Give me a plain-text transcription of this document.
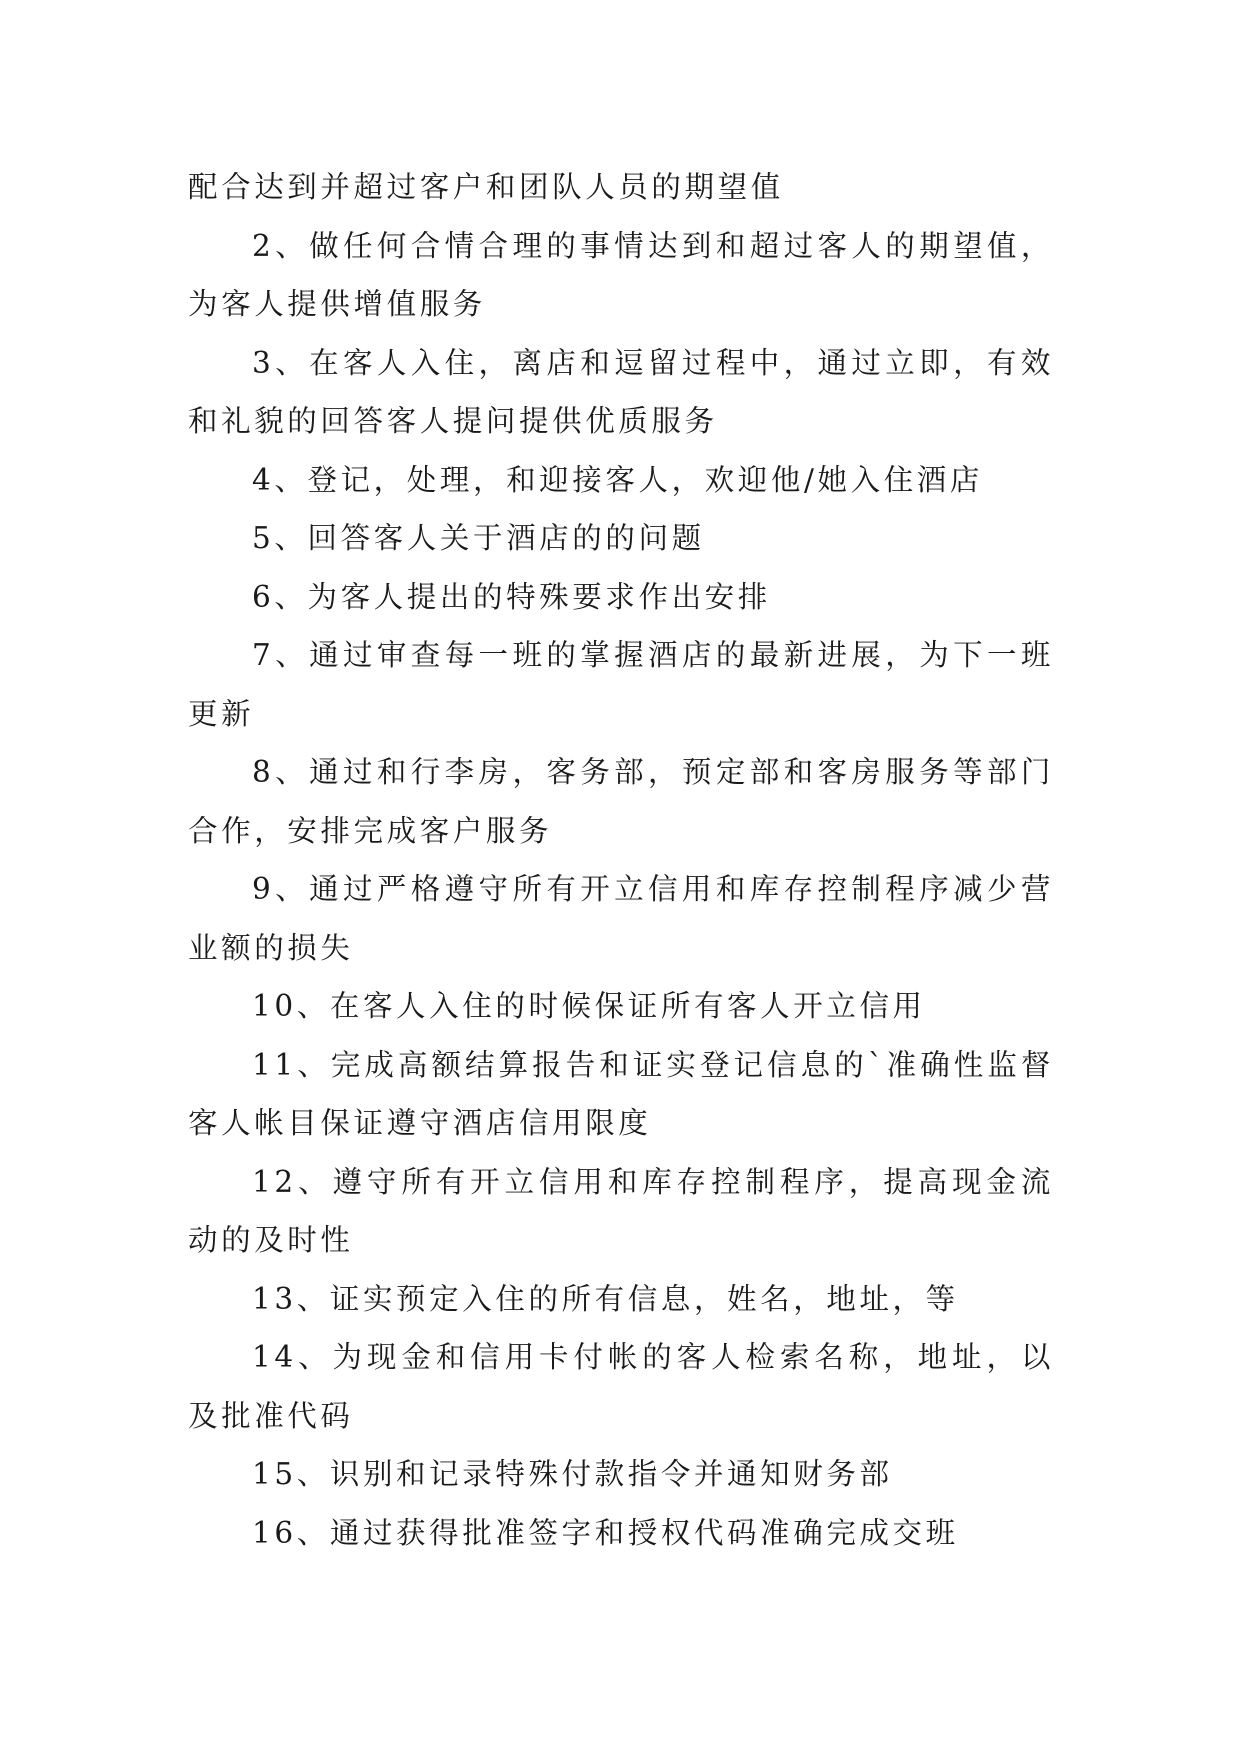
配合达到并超过客户和团队人员的期望值

2、做任何合情合理的事情达到和超过客人的期望值，为客人提供增值服务

3、在客人入住，离店和逗留过程中，通过立即，有效和礼貌的回答客人提问提供优质服务

4、登记，处理，和迎接客人，欢迎他/她入住酒店

5、回答客人关于酒店的的问题

6、为客人提出的特殊要求作出安排

7、通过审查每一班的掌握酒店的最新进展，为下一班更新

8、通过和行李房，客务部，预定部和客房服务等部门合作，安排完成客户服务

9、通过严格遵守所有开立信用和库存控制程序减少营业额的损失

10、在客人入住的时候保证所有客人开立信用

11、完成高额结算报告和证实登记信息的`准确性监督客人帐目保证遵守酒店信用限度

12、遵守所有开立信用和库存控制程序，提高现金流动的及时性

13、证实预定入住的所有信息，姓名，地址，等

14、为现金和信用卡付帐的客人检索名称，地址，以及批准代码

15、识别和记录特殊付款指令并通知财务部

16、通过获得批准签字和授权代码准确完成交班
